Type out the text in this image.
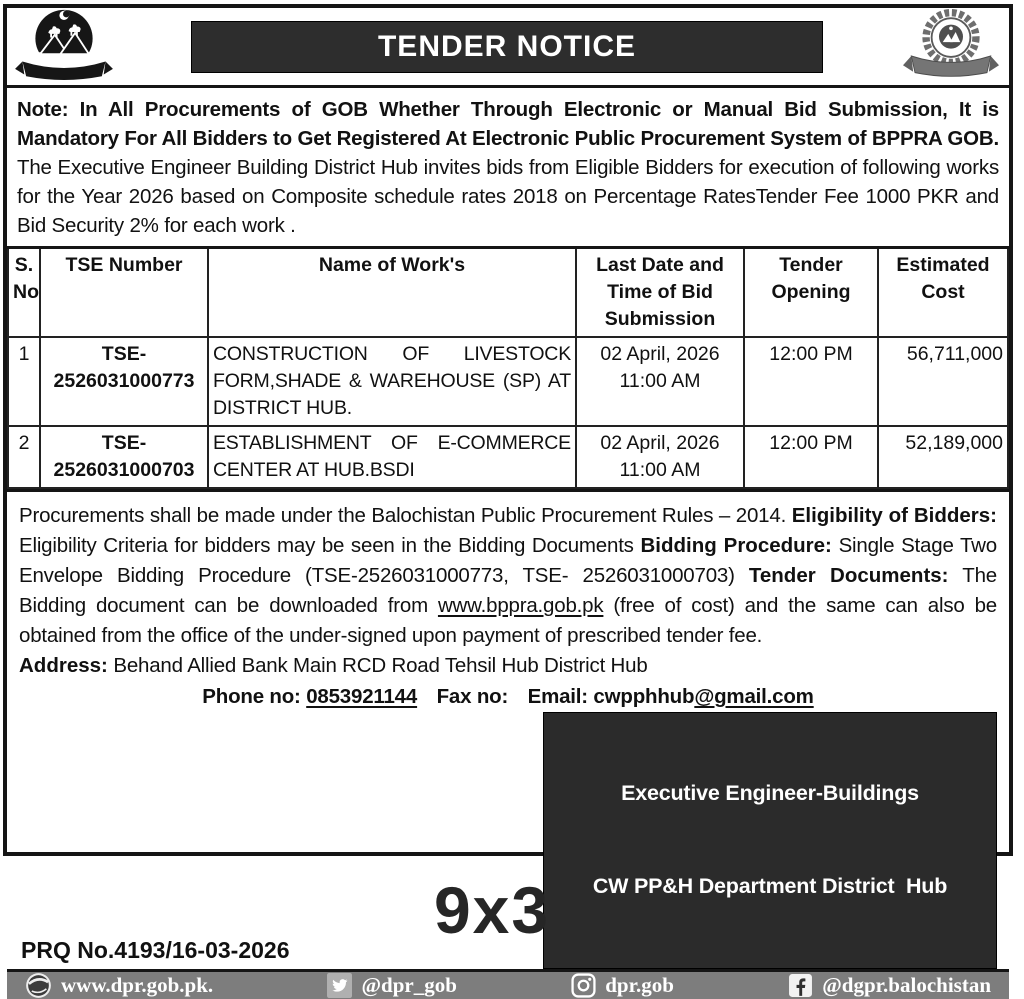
TENDER NOTICE
Note: In All Procurements of GOB Whether Through Electronic or Manual Bid Submission, It is Mandatory For All Bidders to Get Registered At Electronic Public Procurement System of BPPRA GOB. The Executive Engineer Building District Hub invites bids from Eligible Bidders for execution of following works for the Year 2026 based on Composite schedule rates 2018 on Percentage RatesTender Fee 1000 PKR and Bid Security 2% for each work .
S. No	TSE Number	Name of Work's	Last Date and Time of Bid Submission	Tender Opening	Estimated Cost
1	TSE-2526031000773	CONSTRUCTION OF LIVESTOCK FORM,SHADE & WAREHOUSE (SP) AT DISTRICT HUB.	02 April, 2026 11:00 AM	12:00 PM	56,711,000
2	TSE-2526031000703	ESTABLISHMENT OF E-COMMERCE CENTER AT HUB.BSDI	02 April, 2026 11:00 AM	12:00 PM	52,189,000
Procurements shall be made under the Balochistan Public Procurement Rules – 2014. Eligibility of Bidders: Eligibility Criteria for bidders may be seen in the Bidding Documents Bidding Procedure: Single Stage Two Envelope Bidding Procedure (TSE-2526031000773, TSE- 2526031000703) Tender Documents: The Bidding document can be downloaded from www.bppra.gob.pk (free of cost) and the same can also be obtained from the office of the under-signed upon payment of prescribed tender fee.
Address: Behand Allied Bank Main RCD Road Tehsil Hub District Hub
Phone no: 0853921144 Fax no: Email: cwpphhub@gmail.com
PRQ No.4193/16-03-2026

Executive Engineer-Buildings

CW PP&H Department District  Hub

www.dpr.gob.pk.	@dpr_gob	dpr.gob	@dgpr.balochistan
9x3
